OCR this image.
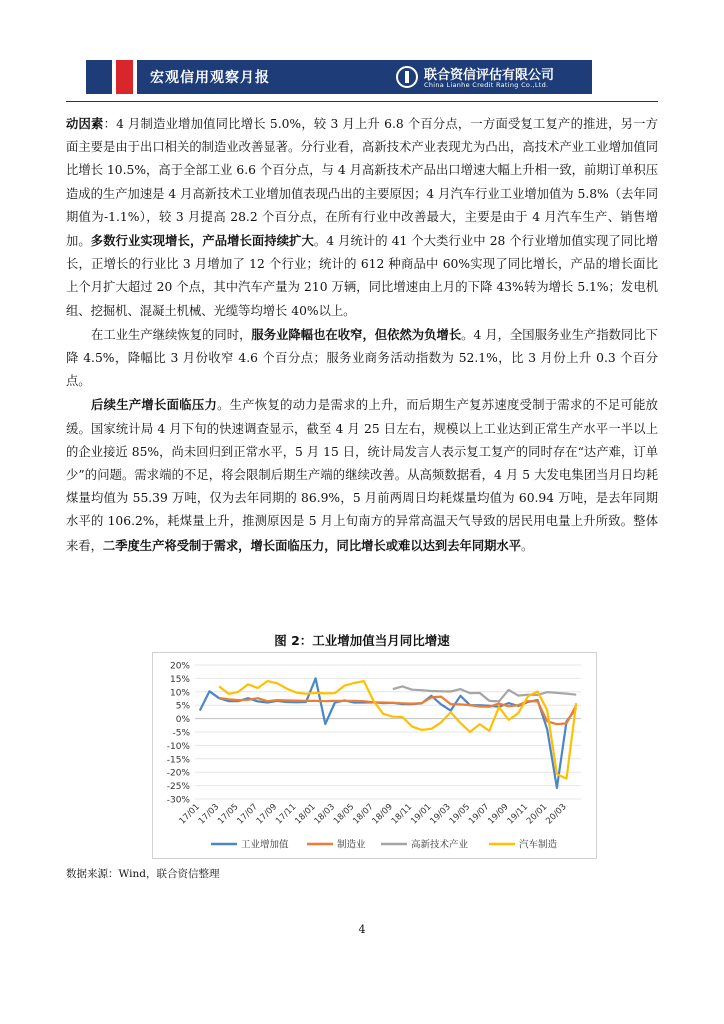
宏观信用观察月报	联合资信评估有限公司
China Lianhe Credit Rating Co.,Ltd.

动因素：4 月制造业增加值同比增长 5.0%，较 3 月上升 6.8 个百分点，一方面受复工复产的推进，另一方面主要是由于出口相关的制造业改善显著。分行业看，高新技术产业表现尤为凸出，高技术产业工业增加值同比增长 10.5%，高于全部工业 6.6 个百分点，与 4 月高新技术产品出口增速大幅上升相一致，前期订单积压造成的生产加速是 4 月高新技术工业增加值表现凸出的主要原因；4 月汽车行业工业增加值为 5.8%（去年同期值为-1.1%），较 3 月提高 28.2 个百分点，在所有行业中改善最大，主要是由于 4 月汽车生产、销售增加。多数行业实现增长，产品增长面持续扩大。4 月统计的 41 个大类行业中 28 个行业增加值实现了同比增长，正增长的行业比 3 月增加了 12 个行业；统计的 612 种商品中 60%实现了同比增长，产品的增长面比上个月扩大超过 20 个点，其中汽车产量为 210 万辆，同比增速由上月的下降 43%转为增长 5.1%；发电机组、挖掘机、混凝土机械、光缆等均增长 40%以上。

在工业生产继续恢复的同时，服务业降幅也在收窄，但依然为负增长。4 月，全国服务业生产指数同比下降 4.5%，降幅比 3 月份收窄 4.6 个百分点；服务业商务活动指数为 52.1%，比 3 月份上升 0.3 个百分点。

后续生产增长面临压力。生产恢复的动力是需求的上升，而后期生产复苏速度受制于需求的不足可能放缓。国家统计局 4 月下旬的快速调查显示，截至 4 月 25 日左右，规模以上工业达到正常生产水平一半以上的企业接近 85%，尚未回归到正常水平，5 月 15 日，统计局发言人表示复工复产的同时存在“达产难，订单少”的问题。需求端的不足，将会限制后期生产端的继续改善。从高频数据看，4 月 5 大发电集团当月日均耗煤量均值为 55.39 万吨，仅为去年同期的 86.9%，5 月前两周日均耗煤量均值为 60.94 万吨，是去年同期水平的 106.2%，耗煤量上升，推测原因是 5 月上旬南方的异常高温天气导致的居民用电量上升所致。整体来看，二季度生产将受制于需求，增长面临压力，同比增长或难以达到去年同期水平。

图 2：工业增加值当月同比增速
20%
15%
10%
5%
0%
-5%
-10%
-15%
-20%
-25%
-30%
17/01
17/03
17/05
17/07
17/09
17/11
18/01
18/03
18/05
18/07
18/09
18/11
19/01
19/03
19/05
19/07
19/09
19/11
20/01
20/03
工业增加值	制造业	高新技术产业	汽车制造
数据来源：Wind，联合资信整理
4
